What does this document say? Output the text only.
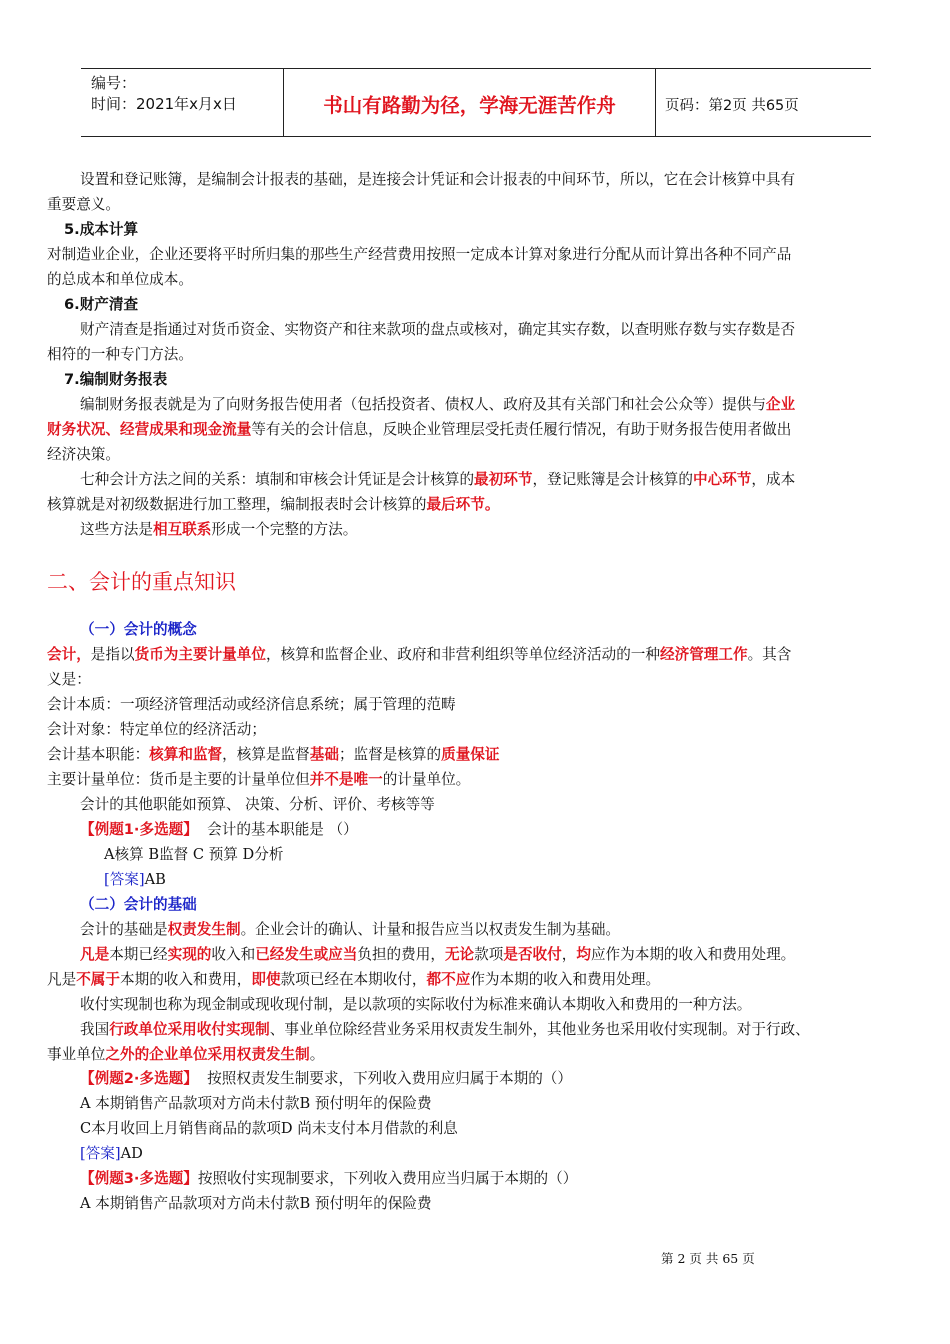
编号：
时间：2021年x月x日	书山有路勤为径，学海无涯苦作舟	页码：第2页 共65页
设置和登记账簿，是编制会计报表的基础，是连接会计凭证和会计报表的中间环节，所以，它在会计核算中具有
重要意义。
5.成本计算
对制造业企业，企业还要将平时所归集的那些生产经营费用按照一定成本计算对象进行分配从而计算出各种不同产品
的总成本和单位成本。
6.财产清查
财产清查是指通过对货币资金、实物资产和往来款项的盘点或核对，确定其实存数，以查明账存数与实存数是否
相符的一种专门方法。
7.编制财务报表
编制财务报表就是为了向财务报告使用者（包括投资者、债权人、政府及其有关部门和社会公众等）提供与企业
财务状况、经营成果和现金流量等有关的会计信息，反映企业管理层受托责任履行情况，有助于财务报告使用者做出
经济决策。
七种会计方法之间的关系：填制和审核会计凭证是会计核算的最初环节，登记账簿是会计核算的中心环节，成本
核算就是对初级数据进行加工整理，编制报表时会计核算的最后环节。
这些方法是相互联系形成一个完整的方法。
二、会计的重点知识
（一）会计的概念
会计，是指以货币为主要计量单位，核算和监督企业、政府和非营利组织等单位经济活动的一种经济管理工作。其含
义是：
会计本质：一项经济管理活动或经济信息系统；属于管理的范畴
会计对象：特定单位的经济活动；
会计基本职能：核算和监督，核算是监督基础；监督是核算的质量保证
主要计量单位：货币是主要的计量单位但并不是唯一的计量单位。
会计的其他职能如预算、 决策、分析、评价、考核等等
【例题1·多选题】 会计的基本职能是 （）
A核算 B监督 C 预算 D分析
[答案]AB
（二）会计的基础
会计的基础是权责发生制。企业会计的确认、计量和报告应当以权责发生制为基础。
凡是本期已经实现的收入和已经发生或应当负担的费用，无论款项是否收付，均应作为本期的收入和费用处理。
凡是不属于本期的收入和费用，即使款项已经在本期收付，都不应作为本期的收入和费用处理。
收付实现制也称为现金制或现收现付制，是以款项的实际收付为标准来确认本期收入和费用的一种方法。
我国行政单位采用收付实现制、事业单位除经营业务采用权责发生制外，其他业务也采用收付实现制。对于行政、
事业单位之外的企业单位采用权责发生制。
【例题2·多选题】 按照权责发生制要求，下列收入费用应归属于本期的（）
A 本期销售产品款项对方尚未付款B 预付明年的保险费
C本月收回上月销售商品的款项D 尚未支付本月借款的利息
[答案]AD
【例题3·多选题】按照收付实现制要求，下列收入费用应当归属于本期的（）
A 本期销售产品款项对方尚未付款B 预付明年的保险费
第 2 页 共 65 页
